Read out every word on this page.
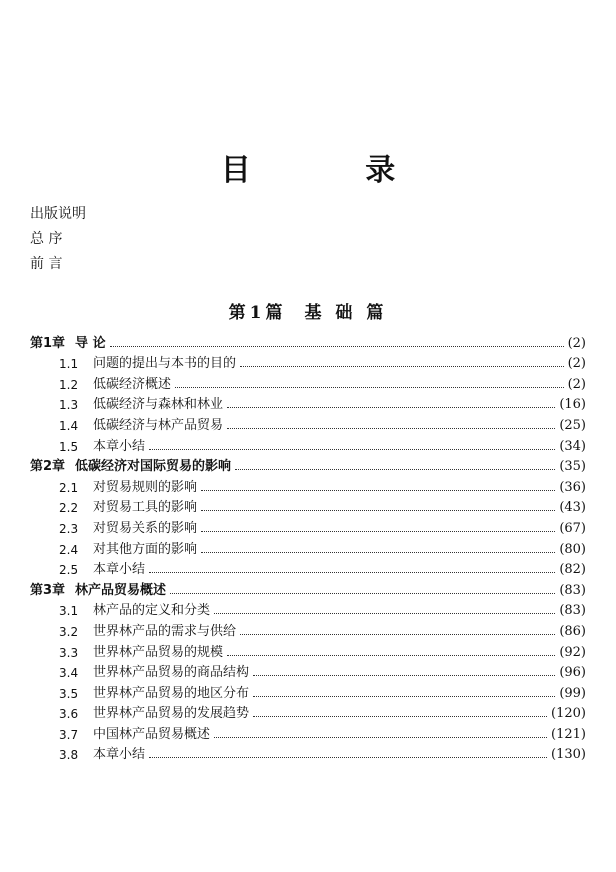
目 录
出版说明
总 序
前 言
第1篇 基 础 篇
第1章 导 论	(2)
1.1	问题的提出与本书的目的	(2)
1.2	低碳经济概述	(2)
1.3	低碳经济与森林和林业	(16)
1.4	低碳经济与林产品贸易	(25)
1.5	本章小结	(34)
第2章 低碳经济对国际贸易的影响	(35)
2.1	对贸易规则的影响	(36)
2.2	对贸易工具的影响	(43)
2.3	对贸易关系的影响	(67)
2.4	对其他方面的影响	(80)
2.5	本章小结	(82)
第3章 林产品贸易概述	(83)
3.1	林产品的定义和分类	(83)
3.2	世界林产品的需求与供给	(86)
3.3	世界林产品贸易的规模	(92)
3.4	世界林产品贸易的商品结构	(96)
3.5	世界林产品贸易的地区分布	(99)
3.6	世界林产品贸易的发展趋势	(120)
3.7	中国林产品贸易概述	(121)
3.8	本章小结	(130)
